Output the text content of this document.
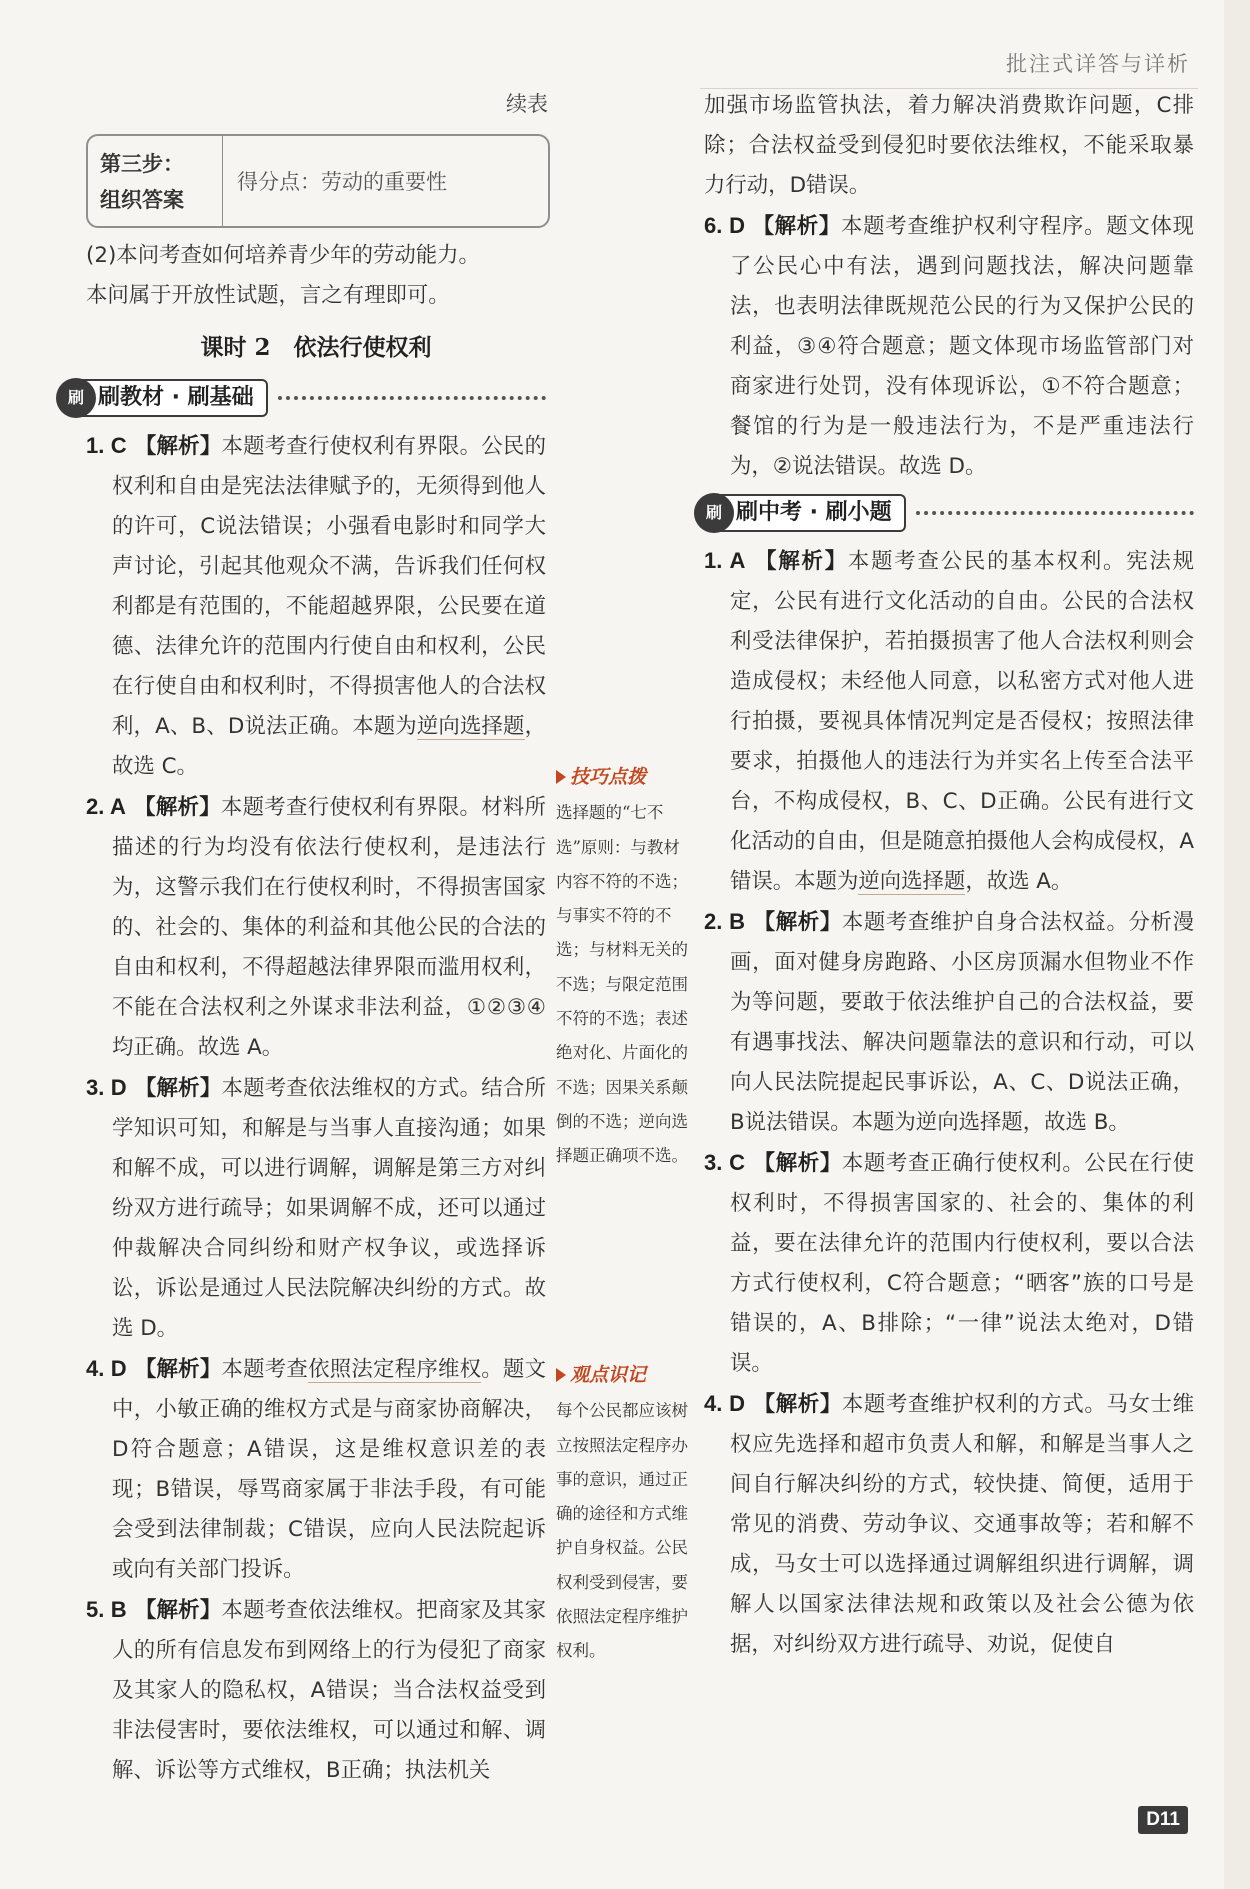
批注式详答与详析
续表
第三步：
组织答案
得分点：劳动的重要性

(2)本问考查如何培养青少年的劳动能力。

本问属于开放性试题，言之有理即可。

课时 2　依法行使权利
刷 刷教材 · 刷基础

1. C 【解析】本题考查行使权利有界限。公民的权利和自由是宪法法律赋予的，无须得到他人的许可，C说法错误；小强看电影时和同学大声讨论，引起其他观众不满，告诉我们任何权利都是有范围的，不能超越界限，公民要在道德、法律允许的范围内行使自由和权利，公民在行使自由和权利时，不得损害他人的合法权利，A、B、D说法正确。本题为逆向选择题，故选 C。

2. A 【解析】本题考查行使权利有界限。材料所描述的行为均没有依法行使权利，是违法行为，这警示我们在行使权利时，不得损害国家的、社会的、集体的利益和其他公民的合法的自由和权利，不得超越法律界限而滥用权利，不能在合法权利之外谋求非法利益，①②③④均正确。故选 A。

3. D 【解析】本题考查依法维权的方式。结合所学知识可知，和解是与当事人直接沟通；如果和解不成，可以进行调解，调解是第三方对纠纷双方进行疏导；如果调解不成，还可以通过仲裁解决合同纠纷和财产权争议，或选择诉讼，诉讼是通过人民法院解决纠纷的方式。故选 D。

4. D 【解析】本题考查依照法定程序维权。题文中，小敏正确的维权方式是与商家协商解决，D符合题意；A错误，这是维权意识差的表现；B错误，辱骂商家属于非法手段，有可能会受到法律制裁；C错误，应向人民法院起诉或向有关部门投诉。

5. B 【解析】本题考查依法维权。把商家及其家人的所有信息发布到网络上的行为侵犯了商家及其家人的隐私权，A错误；当合法权益受到非法侵害时，要依法维权，可以通过和解、调解、诉讼等方式维权，B正确；执法机关

技巧点拨

选择题的“七不选”原则：与教材内容不符的不选；与事实不符的不选；与材料无关的不选；与限定范围不符的不选；表述绝对化、片面化的不选；因果关系颠倒的不选；逆向选择题正确项不选。

观点识记

每个公民都应该树立按照法定程序办事的意识，通过正确的途径和方式维护自身权益。公民权利受到侵害，要依照法定程序维护权利。

加强市场监管执法，着力解决消费欺诈问题，C排除；合法权益受到侵犯时要依法维权，不能采取暴力行动，D错误。

6. D 【解析】本题考查维护权利守程序。题文体现了公民心中有法，遇到问题找法，解决问题靠法，也表明法律既规范公民的行为又保护公民的利益，③④符合题意；题文体现市场监管部门对商家进行处罚，没有体现诉讼，①不符合题意；餐馆的行为是一般违法行为，不是严重违法行为，②说法错误。故选 D。

刷 刷中考 · 刷小题

1. A 【解析】本题考查公民的基本权利。宪法规定，公民有进行文化活动的自由。公民的合法权利受法律保护，若拍摄损害了他人合法权利则会造成侵权；未经他人同意，以私密方式对他人进行拍摄，要视具体情况判定是否侵权；按照法律要求，拍摄他人的违法行为并实名上传至合法平台，不构成侵权，B、C、D正确。公民有进行文化活动的自由，但是随意拍摄他人会构成侵权，A错误。本题为逆向选择题，故选 A。

2. B 【解析】本题考查维护自身合法权益。分析漫画，面对健身房跑路、小区房顶漏水但物业不作为等问题，要敢于依法维护自己的合法权益，要有遇事找法、解决问题靠法的意识和行动，可以向人民法院提起民事诉讼，A、C、D说法正确，B说法错误。本题为逆向选择题，故选 B。

3. C 【解析】本题考查正确行使权利。公民在行使权利时，不得损害国家的、社会的、集体的利益，要在法律允许的范围内行使权利，要以合法方式行使权利，C符合题意；“晒客”族的口号是错误的，A、B排除；“一律”说法太绝对，D错误。

4. D 【解析】本题考查维护权利的方式。马女士维权应先选择和超市负责人和解，和解是当事人之间自行解决纠纷的方式，较快捷、简便，适用于常见的消费、劳动争议、交通事故等；若和解不成，马女士可以选择通过调解组织进行调解，调解人以国家法律法规和政策以及社会公德为依据，对纠纷双方进行疏导、劝说，促使自

D11
